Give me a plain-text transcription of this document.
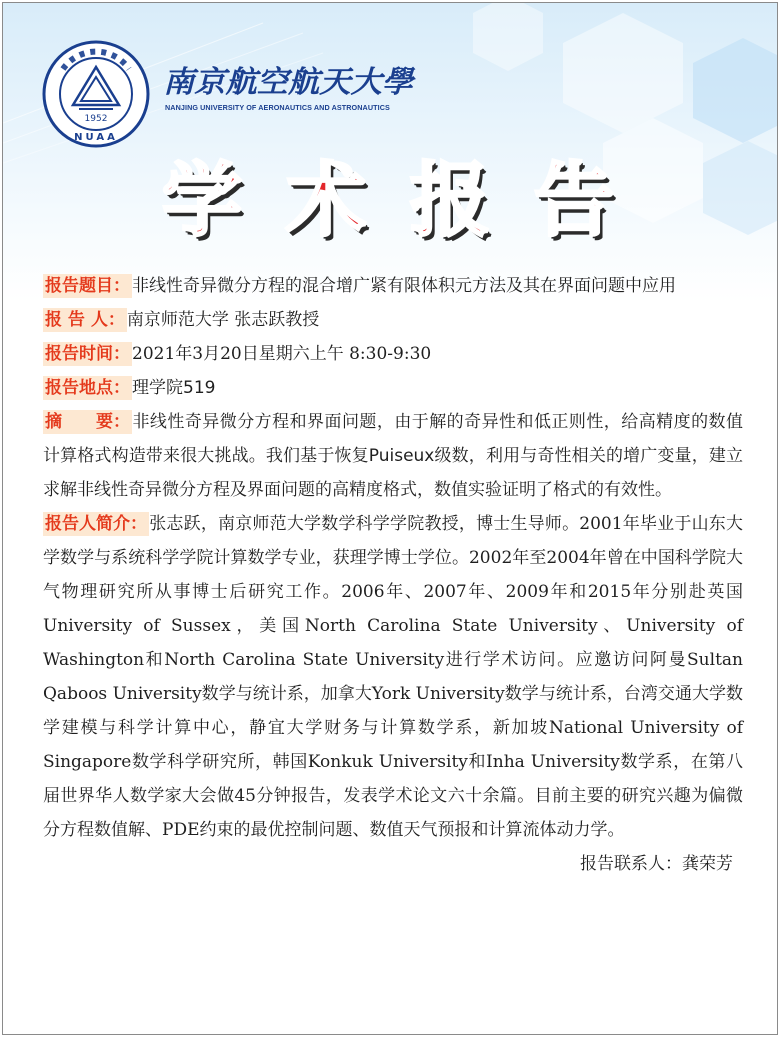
1952
NUAA
南京航空航天大學
NANJING UNIVERSITY OF AERONAUTICS AND ASTRONAUTICS
学术报告
报告题目： 非线性奇异微分方程的混合增广紧有限体积元方法及其在界面问题中应用
报 告 人： 南京师范大学 张志跃教授
报告时间： 2021年3月20日星期六上午 8:30-9:30
报告地点： 理学院519
摘　　要： 非线性奇异微分方程和界面问题，由于解的奇异性和低正则性，给高精度的数值计算格式构造带来很大挑战。我们基于恢复Puiseux级数，利用与奇性相关的增广变量，建立求解非线性奇异微分方程及界面问题的高精度格式，数值实验证明了格式的有效性。
报告人简介： 张志跃，南京师范大学数学科学学院教授，博士生导师。2001年毕业于山东大学数学与系统科学学院计算数学专业，获理学博士学位。2002年至2004年曾在中国科学院大气物理研究所从事博士后研究工作。2006年、2007年、2009年和2015年分别赴英国University of Sussex，美国North Carolina State University、University of Washington和North Carolina State University进行学术访问。应邀访问阿曼Sultan Qaboos University数学与统计系，加拿大York University数学与统计系，台湾交通大学数学建模与科学计算中心，静宜大学财务与计算数学系，新加坡National University of Singapore数学科学研究所，韩国Konkuk University和Inha University数学系，在第八届世界华人数学家大会做45分钟报告，发表学术论文六十余篇。目前主要的研究兴趣为偏微分方程数值解、PDE约束的最优控制问题、数值天气预报和计算流体动力学。
报告联系人：龚荣芳
